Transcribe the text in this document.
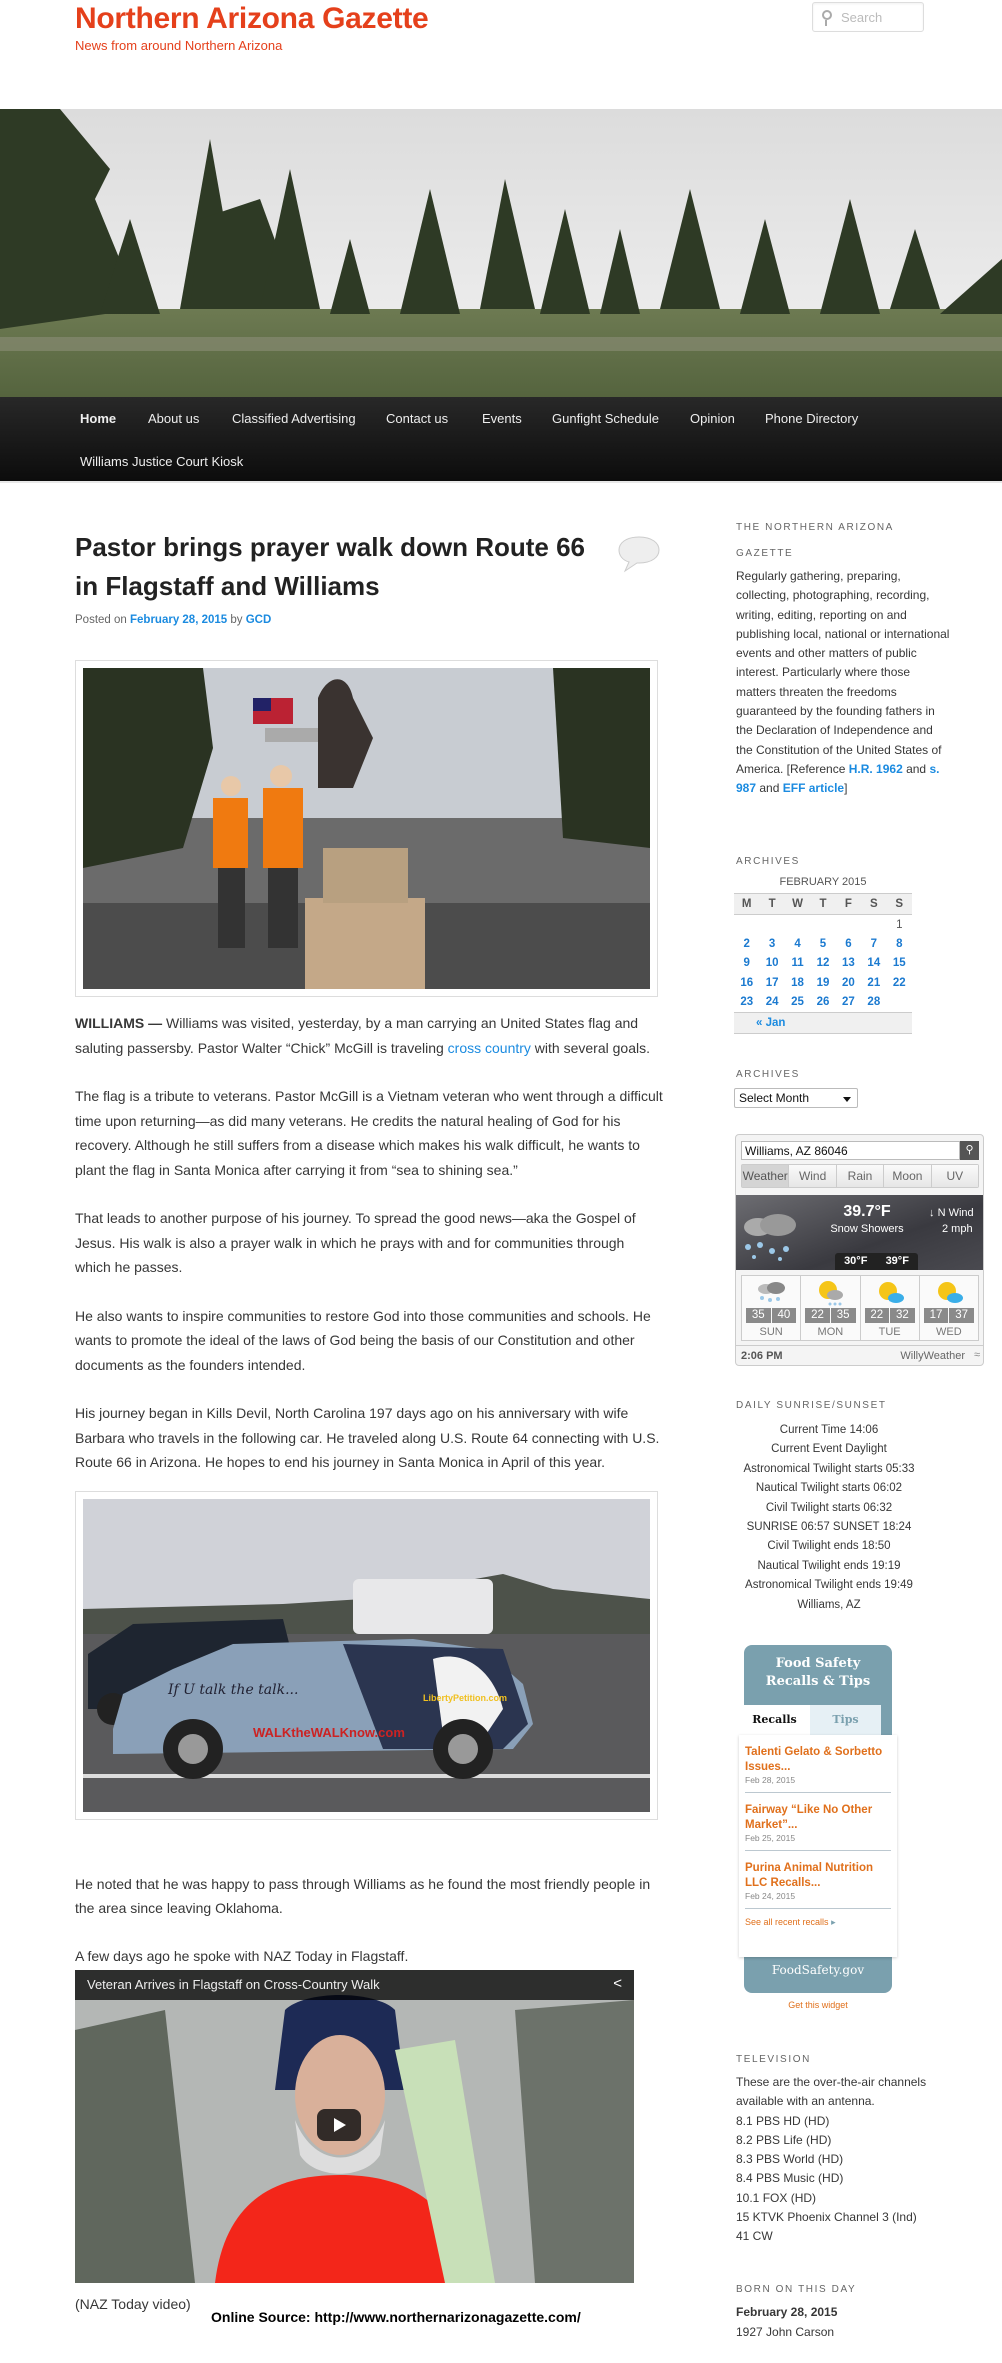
Northern Arizona Gazette
News from around Northern Arizona
Search
Home About us	Classified Advertising Contact us	Events Gunfight Schedule Opinion Phone Directory
Williams Justice Court Kiosk
Pastor brings prayer walk down Route 66 in Flagstaff and Williams
Posted on February 28, 2015 by GCD

WILLIAMS — Williams was visited, yesterday, by a man carrying an United States flag and saluting passersby. Pastor Walter “Chick” McGill is traveling cross country with several goals.

The flag is a tribute to veterans. Pastor McGill is a Vietnam veteran who went through a difficult time upon returning—as did many veterans. He credits the natural healing of God for his recovery. Although he still suffers from a disease which makes his walk difficult, he wants to plant the flag in Santa Monica after carrying it from “sea to shining sea.”

That leads to another purpose of his journey. To spread the good news—aka the Gospel of Jesus. His walk is also a prayer walk in which he prays with and for communities through which he passes.

He also wants to inspire communities to restore God into those communities and schools. He wants to promote the ideal of the laws of God being the basis of our Constitution and other documents as the founders intended.

His journey began in Kills Devil, North Carolina 197 days ago on his anniversary with wife Barbara who travels in the following car. He traveled along U.S. Route 64 connecting with U.S. Route 66 in Arizona. He hopes to end his journey in Santa Monica in April of this year.

If U talk the talk...
WALKtheWALKnow.com
LibertyPetition.com

He noted that he was happy to pass through Williams as he found the most friendly people in the area since leaving Oklahoma.

A few days ago he spoke with NAZ Today in Flagstaff.

Veteran Arrives in Flagstaff on Cross-Country Walk	<
(NAZ Today video)
Online Source: http://www.northernarizonagazette.com/
THE NORTHERN ARIZONA
GAZETTE
Regularly gathering, preparing, collecting, photographing, recording, writing, editing, reporting on and publishing local, national or international events and other matters of public interest. Particularly where those matters threaten the freedoms guaranteed by the founding fathers in the Declaration of Independence and the Constitution of the United States of America. [Reference H.R. 1962 and s. 987 and EFF article]
ARCHIVES
FEBRUARY 2015
M	T	W	T	F	S	S
						1
2	3	4	5	6	7	8
9	10	11	12	13	14	15
16	17	18	19	20	21	22
23	24	25	26	27	28	
« Jan						
ARCHIVES
Select Month
Williams, AZ 86046	⚲
Weather Wind	Rain	Moon	UV
39.7°F
Snow Showers
↓ N Wind
2 mph
30°F 39°F
35	40
SUN
22	35
MON
22	32
TUE
17	37
WED
2:06 PM	WillyWeather ≈
DAILY SUNRISE/SUNSET
Current Time 14:06
Current Event Daylight
Astronomical Twilight starts 05:33
Nautical Twilight starts 06:02
Civil Twilight starts 06:32
SUNRISE 06:57 SUNSET 18:24
Civil Twilight ends 18:50
Nautical Twilight ends 19:19
Astronomical Twilight ends 19:49
Williams, AZ
Food Safety
Recalls & Tips
Recalls	Tips
Talenti Gelato & Sorbetto Issues...
Feb 28, 2015
Fairway “Like No Other Market”...
Feb 25, 2015
Purina Animal Nutrition LLC Recalls...
Feb 24, 2015
See all recent recalls ▸
FoodSafety.gov
Get this widget
TELEVISION
These are the over-the-air channels available with an antenna.
8.1 PBS HD (HD)
8.2 PBS Life (HD)
8.3 PBS World (HD)
8.4 PBS Music (HD)
10.1 FOX (HD)
15 KTVK Phoenix Channel 3 (Ind)
41 CW
BORN ON THIS DAY
February 28, 2015
1927 John Carson
